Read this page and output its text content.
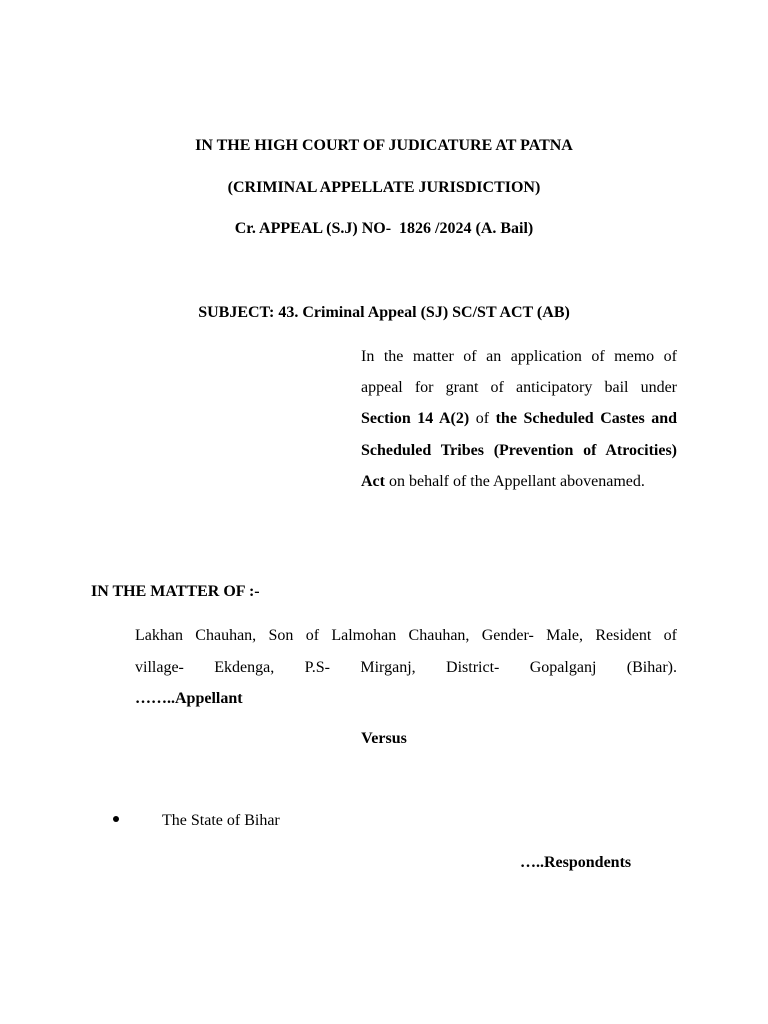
IN THE HIGH COURT OF JUDICATURE AT PATNA
(CRIMINAL APPELLATE JURISDICTION)
Cr. APPEAL (S.J) NO-  1826 /2024 (A. Bail)
SUBJECT: 43. Criminal Appeal (SJ) SC/ST ACT (AB)
In the matter of an application of memo of appeal for grant of anticipatory bail under Section 14 A(2) of the Scheduled Castes and Scheduled Tribes (Prevention of Atrocities) Act on behalf of the Appellant abovenamed.
IN THE MATTER OF :-
Lakhan Chauhan, Son of Lalmohan Chauhan, Gender- Male, Resident of
village- Ekdenga, P.S- Mirganj, District- Gopalganj (Bihar).
……..Appellant
Versus
The State of Bihar
…..Respondents
